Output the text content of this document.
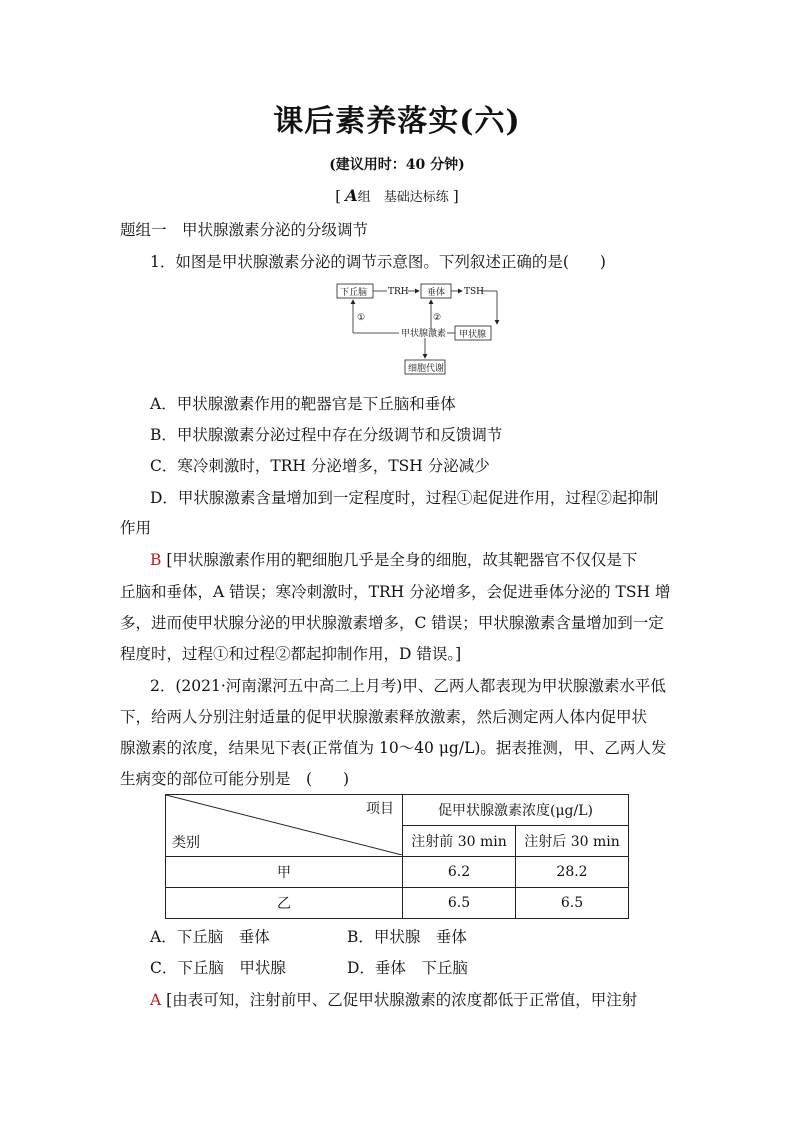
课后素养落实(六)
(建议用时：40 分钟)
[ A组　基础达标练 ]
题组一　甲状腺激素分泌的分级调节
1．如图是甲状腺激素分泌的调节示意图。下列叙述正确的是(　　)
下丘脑 TRH 垂体 TSH
甲状腺
甲状腺激素
①	②
细胞代谢
A．甲状腺激素作用的靶器官是下丘脑和垂体
B．甲状腺激素分泌过程中存在分级调节和反馈调节
C．寒冷刺激时，TRH 分泌增多，TSH 分泌减少
D．甲状腺激素含量增加到一定程度时，过程①起促进作用，过程②起抑制
作用
B [甲状腺激素作用的靶细胞几乎是全身的细胞，故其靶器官不仅仅是下
丘脑和垂体，A 错误；寒冷刺激时，TRH 分泌增多，会促进垂体分泌的 TSH 增
多，进而使甲状腺分泌的甲状腺激素增多，C 错误；甲状腺激素含量增加到一定
程度时，过程①和过程②都起抑制作用，D 错误。]
2．(2021·河南漯河五中高二上月考)甲、乙两人都表现为甲状腺激素水平低
下，给两人分别注射适量的促甲状腺激素释放激素，然后测定两人体内促甲状
腺激素的浓度，结果见下表(正常值为 10～40 μg/L)。据表推测，甲、乙两人发
生病变的部位可能分别是　(　　)
项目
类别	促甲状腺激素浓度(μg/L)	
	注射前 30 min	注射后 30 min
甲	6.2	28.2
乙	6.5	6.5
A．下丘脑　垂体	B．甲状腺　垂体
C．下丘脑　甲状腺	D．垂体　下丘脑
A [由表可知，注射前甲、乙促甲状腺激素的浓度都低于正常值，甲注射
